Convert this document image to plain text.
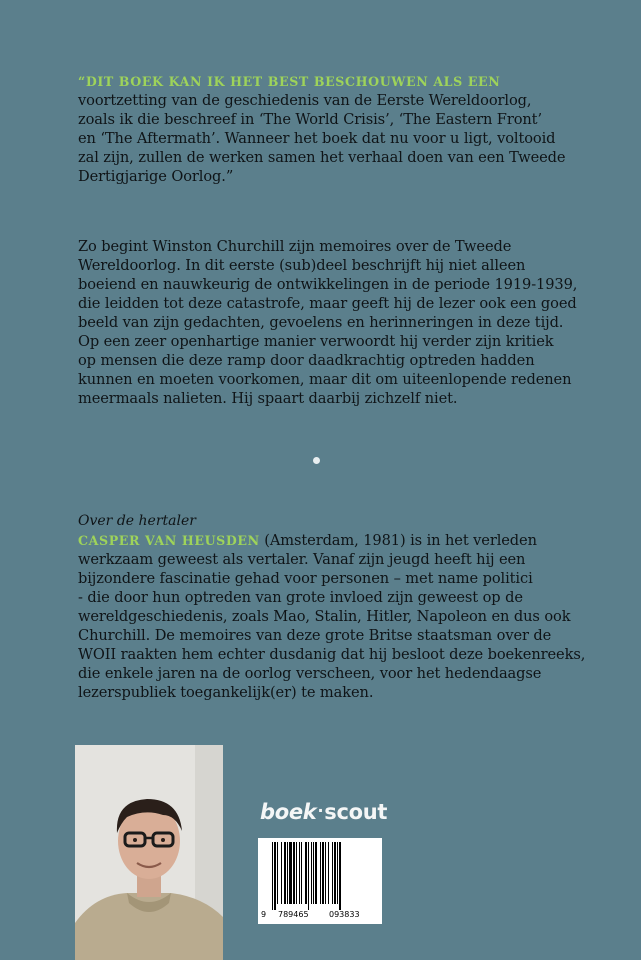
“DIT BOEK KAN IK HET BEST BESCHOUWEN ALS EEN
voortzetting van de geschiedenis van de Eerste Wereldoorlog,
zoals ik die beschreef in ‘The World Crisis’, ‘The Eastern Front’
en ‘The Aftermath’. Wanneer het boek dat nu voor u ligt, voltooid
zal zijn, zullen de werken samen het verhaal doen van een Tweede
Dertigjarige Oorlog.”
Zo begint Winston Churchill zijn memoires over de Tweede
Wereldoorlog. In dit eerste (sub)deel beschrijft hij niet alleen
boeiend en nauwkeurig de ontwikkelingen in de periode 1919-1939,
die leidden tot deze catastrofe, maar geeft hij de lezer ook een goed
beeld van zijn gedachten, gevoelens en herinneringen in deze tijd.
Op een zeer openhartige manier verwoordt hij verder zijn kritiek
op mensen die deze ramp door daadkrachtig optreden hadden
kunnen en moeten voorkomen, maar dit om uiteenlopende redenen
meermaals nalieten. Hij spaart daarbij zichzelf niet.
Over de hertaler
CASPER VAN HEUSDEN (Amsterdam, 1981) is in het verleden
werkzaam geweest als vertaler. Vanaf zijn jeugd heeft hij een
bijzondere fascinatie gehad voor personen – met name politici
- die door hun optreden van grote invloed zijn geweest op de
wereldgeschiedenis, zoals Mao, Stalin, Hitler, Napoleon en dus ook
Churchill. De memoires van deze grote Britse staatsman over de
WOII raakten hem echter dusdanig dat hij besloot deze boekenreeks,
die enkele jaren na de oorlog verscheen, voor het hedendaagse
lezerspubliek toegankelijk(er) te maken.
boek·scout
9 789465	093833
